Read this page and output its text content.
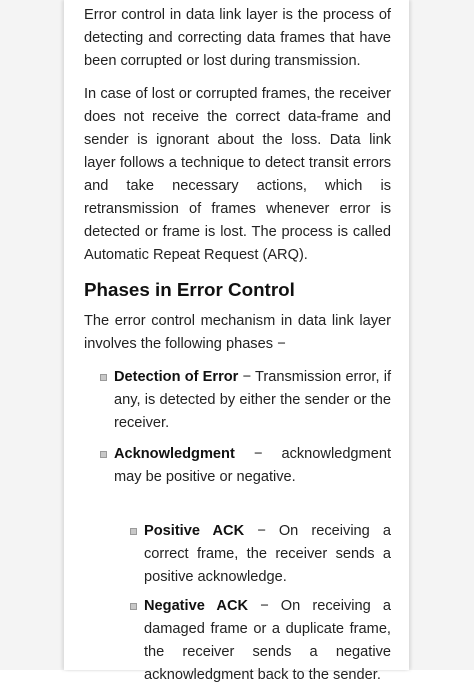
Error control in data link layer is the process of detecting and correcting data frames that have been corrupted or lost during transmission.

In case of lost or corrupted frames, the receiver does not receive the correct data-frame and sender is ignorant about the loss. Data link layer follows a technique to detect transit errors and take necessary actions, which is retransmission of frames whenever error is detected or frame is lost. The process is called Automatic Repeat Request (ARQ).

Phases in Error Control

The error control mechanism in data link layer involves the following phases −

Detection of Error − Transmission error, if any, is detected by either the sender or the receiver.
Acknowledgment − acknowledgment may be positive or negative.
Positive ACK − On receiving a correct frame, the receiver sends a positive acknowledge.
Negative ACK − On receiving a damaged frame or a duplicate frame, the receiver sends a negative acknowledgment back to the sender.
